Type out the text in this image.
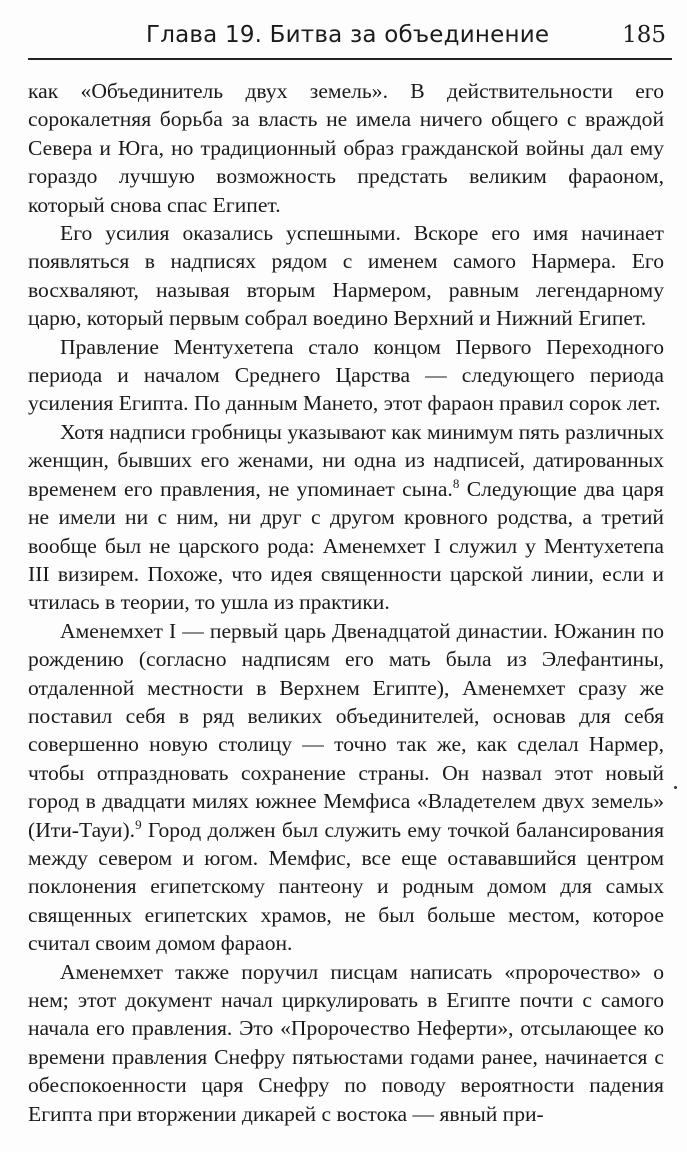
Глава 19. Битва за объединение	185

как «Объединитель двух земель». В действительности его сорокалетняя борьба за власть не имела ничего общего с враждой Севера и Юга, но традиционный образ гражданской войны дал ему гораздо лучшую возможность предстать великим фараоном, который снова спас Египет.

Его усилия оказались успешными. Вскоре его имя начинает появляться в надписях рядом с именем самого Нармера. Его восхваляют, называя вторым Нармером, равным легендарному царю, который первым собрал воедино Верхний и Нижний Египет.

Правление Ментухетепа стало концом Первого Переходного периода и началом Среднего Царства — следующего периода усиления Египта. По данным Мането, этот фараон правил сорок лет.

Хотя надписи гробницы указывают как минимум пять различных женщин, бывших его женами, ни одна из надписей, датированных временем его правления, не упоминает сына.$^8$ Следующие два царя не имели ни с ним, ни друг с другом кровного родства, а третий вообще был не царского рода: Аменемхет I служил у Ментухетепа III визирем. Похоже, что идея священности царской линии, если и чтилась в теории, то ушла из практики.

Аменемхет I — первый царь Двенадцатой династии. Южанин по рождению (согласно надписям его мать была из Элефантины, отдаленной местности в Верхнем Египте), Аменемхет сразу же поставил себя в ряд великих объединителей, основав для себя совершенно новую столицу — точно так же, как сделал Нармер, чтобы отпраздновать сохранение страны. Он назвал этот новый город в двадцати милях южнее Мемфиса «Владетелем двух земель» (Ити-Тауи).$^9$ Город должен был служить ему точкой балансирования между севером и югом. Мемфис, все еще остававшийся центром поклонения египетскому пантеону и родным домом для самых священных египетских храмов, не был больше местом, которое считал своим домом фараон.

Аменемхет также поручил писцам написать «пророчество» о нем; этот документ начал циркулировать в Египте почти с самого начала его правления. Это «Пророчество Неферти», отсылающее ко времени правления Снефру пятьюстами годами ранее, начинается с обеспокоенности царя Снефру по поводу вероятности падения Египта при вторжении дикарей с востока — явный при-
